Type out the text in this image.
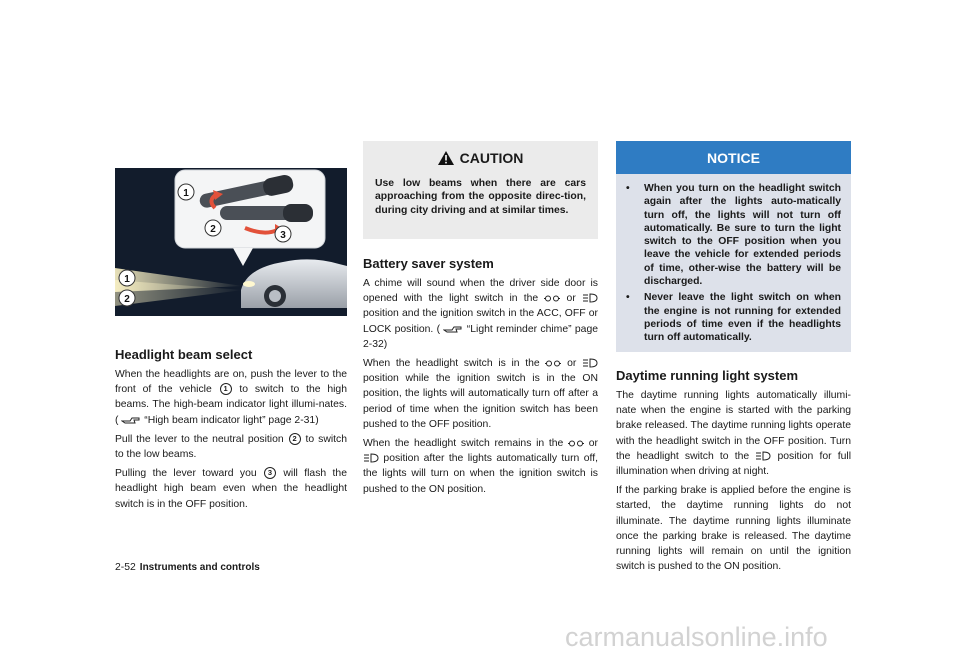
1
2
3
1
2
Headlight beam select

When the headlights are on, push the lever to the front of the vehicle 1 to switch to the high beams. The high-beam indicator light illumi-nates. ( “High beam indicator light” page 2-31)

Pull the lever to the neutral position 2 to switch to the low beams.

Pulling the lever toward you 3 will flash the headlight high beam even when the headlight switch is in the OFF position.

CAUTION
Use low beams when there are cars approaching from the opposite direc-tion, during city driving and at similar times.
Battery saver system

A chime will sound when the driver side door is opened with the light switch in the	or  position and the ignition switch in the ACC, OFF or LOCK position. (	“Light reminder chime” page 2-32)

When the headlight switch is in the	or  position while the ignition switch is in the ON position, the lights will automatically turn off after a period of time when the ignition switch has been pushed to the OFF position.

When the headlight switch remains in the or  position after the lights automatically turn off, the lights will turn on when the ignition switch is pushed to the ON position.

NOTICE
•	When you turn on the headlight switch again after the lights auto-matically turn off, the lights will not turn off automatically. Be sure to turn the light switch to the OFF position when you leave the vehicle for extended periods of time, other-wise the battery will be discharged.
•	Never leave the light switch on when the engine is not running for extended periods of time even if the headlights turn off automatically.
Daytime running light system

The daytime running lights automatically illumi-nate when the engine is started with the parking brake released. The daytime running lights operate with the headlight switch in the OFF position. Turn the headlight switch to the	position for full illumination when driving at night.

If the parking brake is applied before the engine is started, the daytime running lights do not illuminate. The daytime running lights illuminate once the parking brake is released. The daytime running lights will remain on until the ignition switch is pushed to the ON position.

2-52 Instruments and controls
carmanualsonline.info
